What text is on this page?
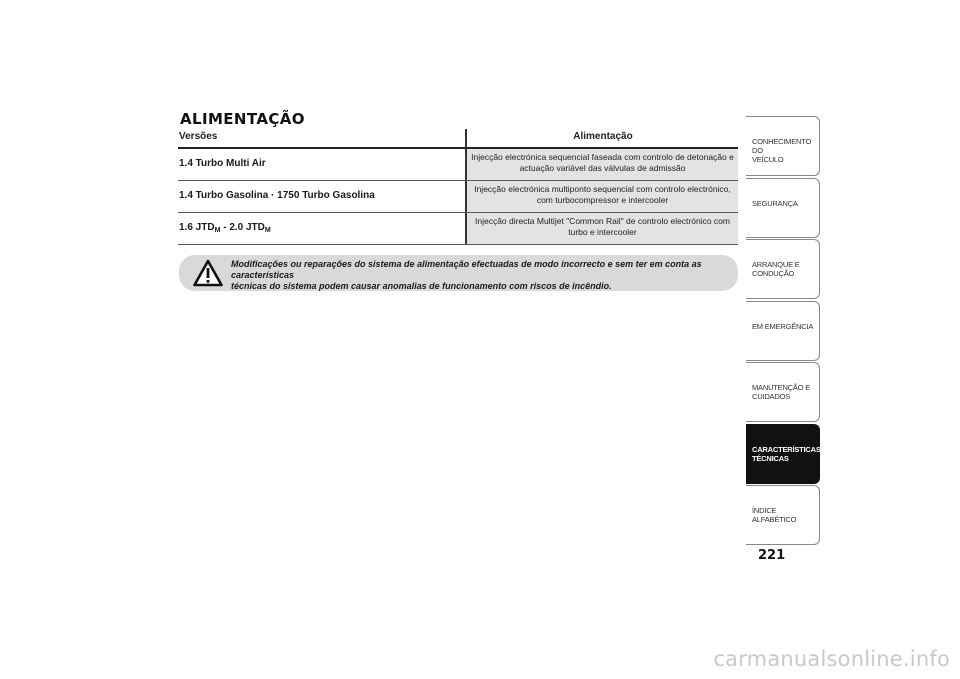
ALIMENTAÇÃO
Versões	Alimentação
1.4 Turbo Multi Air
Injecção electrónica sequencial faseada com controlo de detonação e
actuação variável das válvulas de admissão
1.4 Turbo Gasolina · 1750 Turbo Gasolina
Injecção electrónica multiponto sequencial com controlo electrónico,
com turbocompressor e intercooler
1.6 $JTD_M - 2.0$ $JTD_M$
Injecção directa Multijet "Common Rail" de controlo electrónico com
turbo e intercooler
Modificações ou reparações do sistema de alimentação efectuadas de modo incorrecto e sem ter em conta as características
técnicas do sistema podem causar anomalias de funcionamento com riscos de incêndio.
CONHECIMENTO DO
VEÍCULO
SEGURANÇA
ARRANQUE E
CONDUÇÃO
EM EMERGÊNCIA
MANUTENÇÃO E
CUIDADOS
CARACTERÍSTICAS
TÉCNICAS
ÍNDICE ALFABÉTICO
221
carmanualsonline.info
